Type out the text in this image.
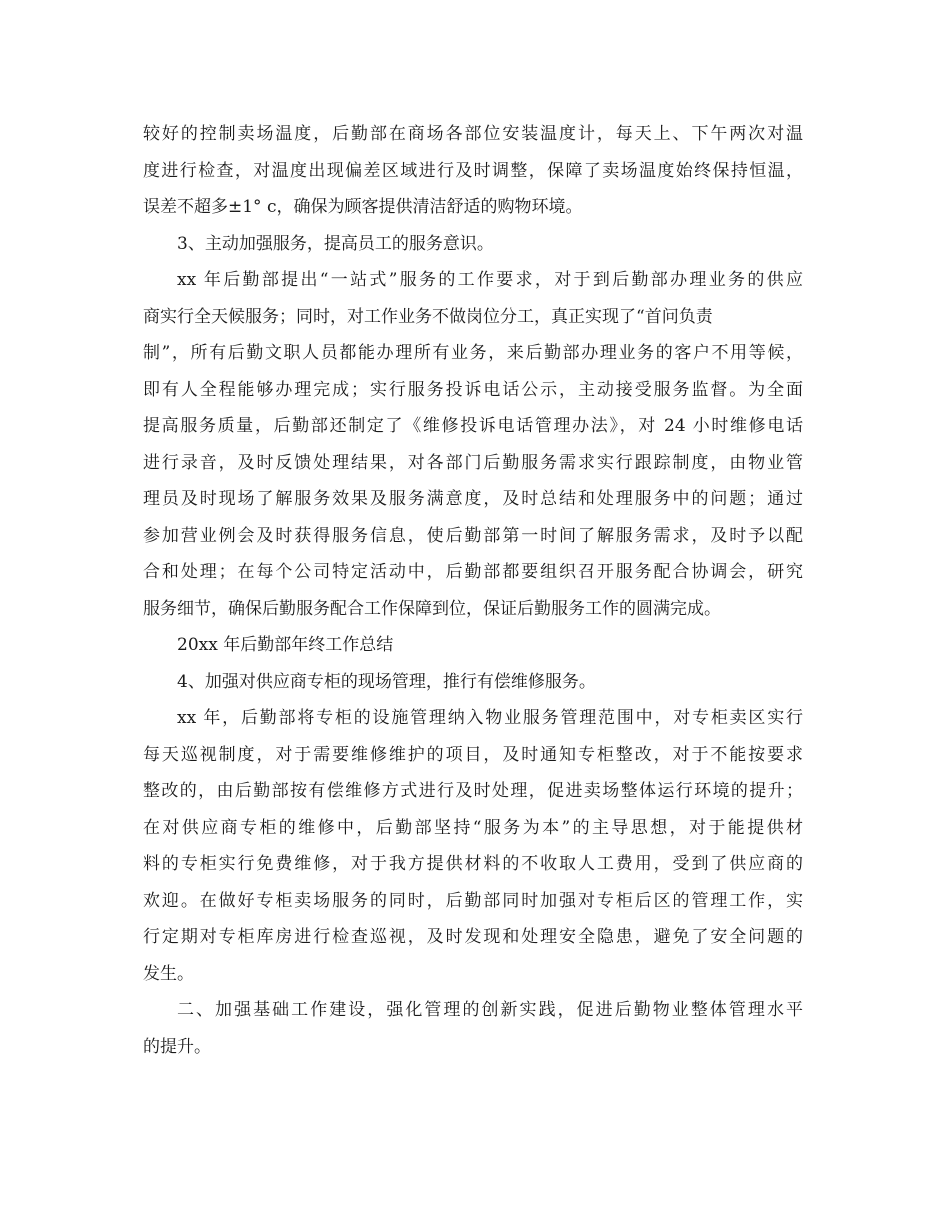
较好的控制卖场温度，后勤部在商场各部位安装温度计，每天上、下午两次对温
度进行检查，对温度出现偏差区域进行及时调整，保障了卖场温度始终保持恒温，
误差不超多±1° c，确保为顾客提供清洁舒适的购物环境。
3、主动加强服务，提高员工的服务意识。
xx 年后勤部提出“一站式”服务的工作要求，对于到后勤部办理业务的供应
商实行全天候服务；同时，对工作业务不做岗位分工，真正实现了“首问负责
制”，所有后勤文职人员都能办理所有业务，来后勤部办理业务的客户不用等候，
即有人全程能够办理完成；实行服务投诉电话公示，主动接受服务监督。为全面
提高服务质量，后勤部还制定了《维修投诉电话管理办法》，对 24 小时维修电话
进行录音，及时反馈处理结果，对各部门后勤服务需求实行跟踪制度，由物业管
理员及时现场了解服务效果及服务满意度，及时总结和处理服务中的问题；通过
参加营业例会及时获得服务信息，使后勤部第一时间了解服务需求，及时予以配
合和处理；在每个公司特定活动中，后勤部都要组织召开服务配合协调会，研究
服务细节，确保后勤服务配合工作保障到位，保证后勤服务工作的圆满完成。
20xx 年后勤部年终工作总结
4、加强对供应商专柜的现场管理，推行有偿维修服务。
xx 年，后勤部将专柜的设施管理纳入物业服务管理范围中，对专柜卖区实行
每天巡视制度，对于需要维修维护的项目，及时通知专柜整改，对于不能按要求
整改的，由后勤部按有偿维修方式进行及时处理，促进卖场整体运行环境的提升；
在对供应商专柜的维修中，后勤部坚持“服务为本”的主导思想，对于能提供材
料的专柜实行免费维修，对于我方提供材料的不收取人工费用，受到了供应商的
欢迎。在做好专柜卖场服务的同时，后勤部同时加强对专柜后区的管理工作，实
行定期对专柜库房进行检查巡视，及时发现和处理安全隐患，避免了安全问题的
发生。
二、加强基础工作建设，强化管理的创新实践，促进后勤物业整体管理水平
的提升。
